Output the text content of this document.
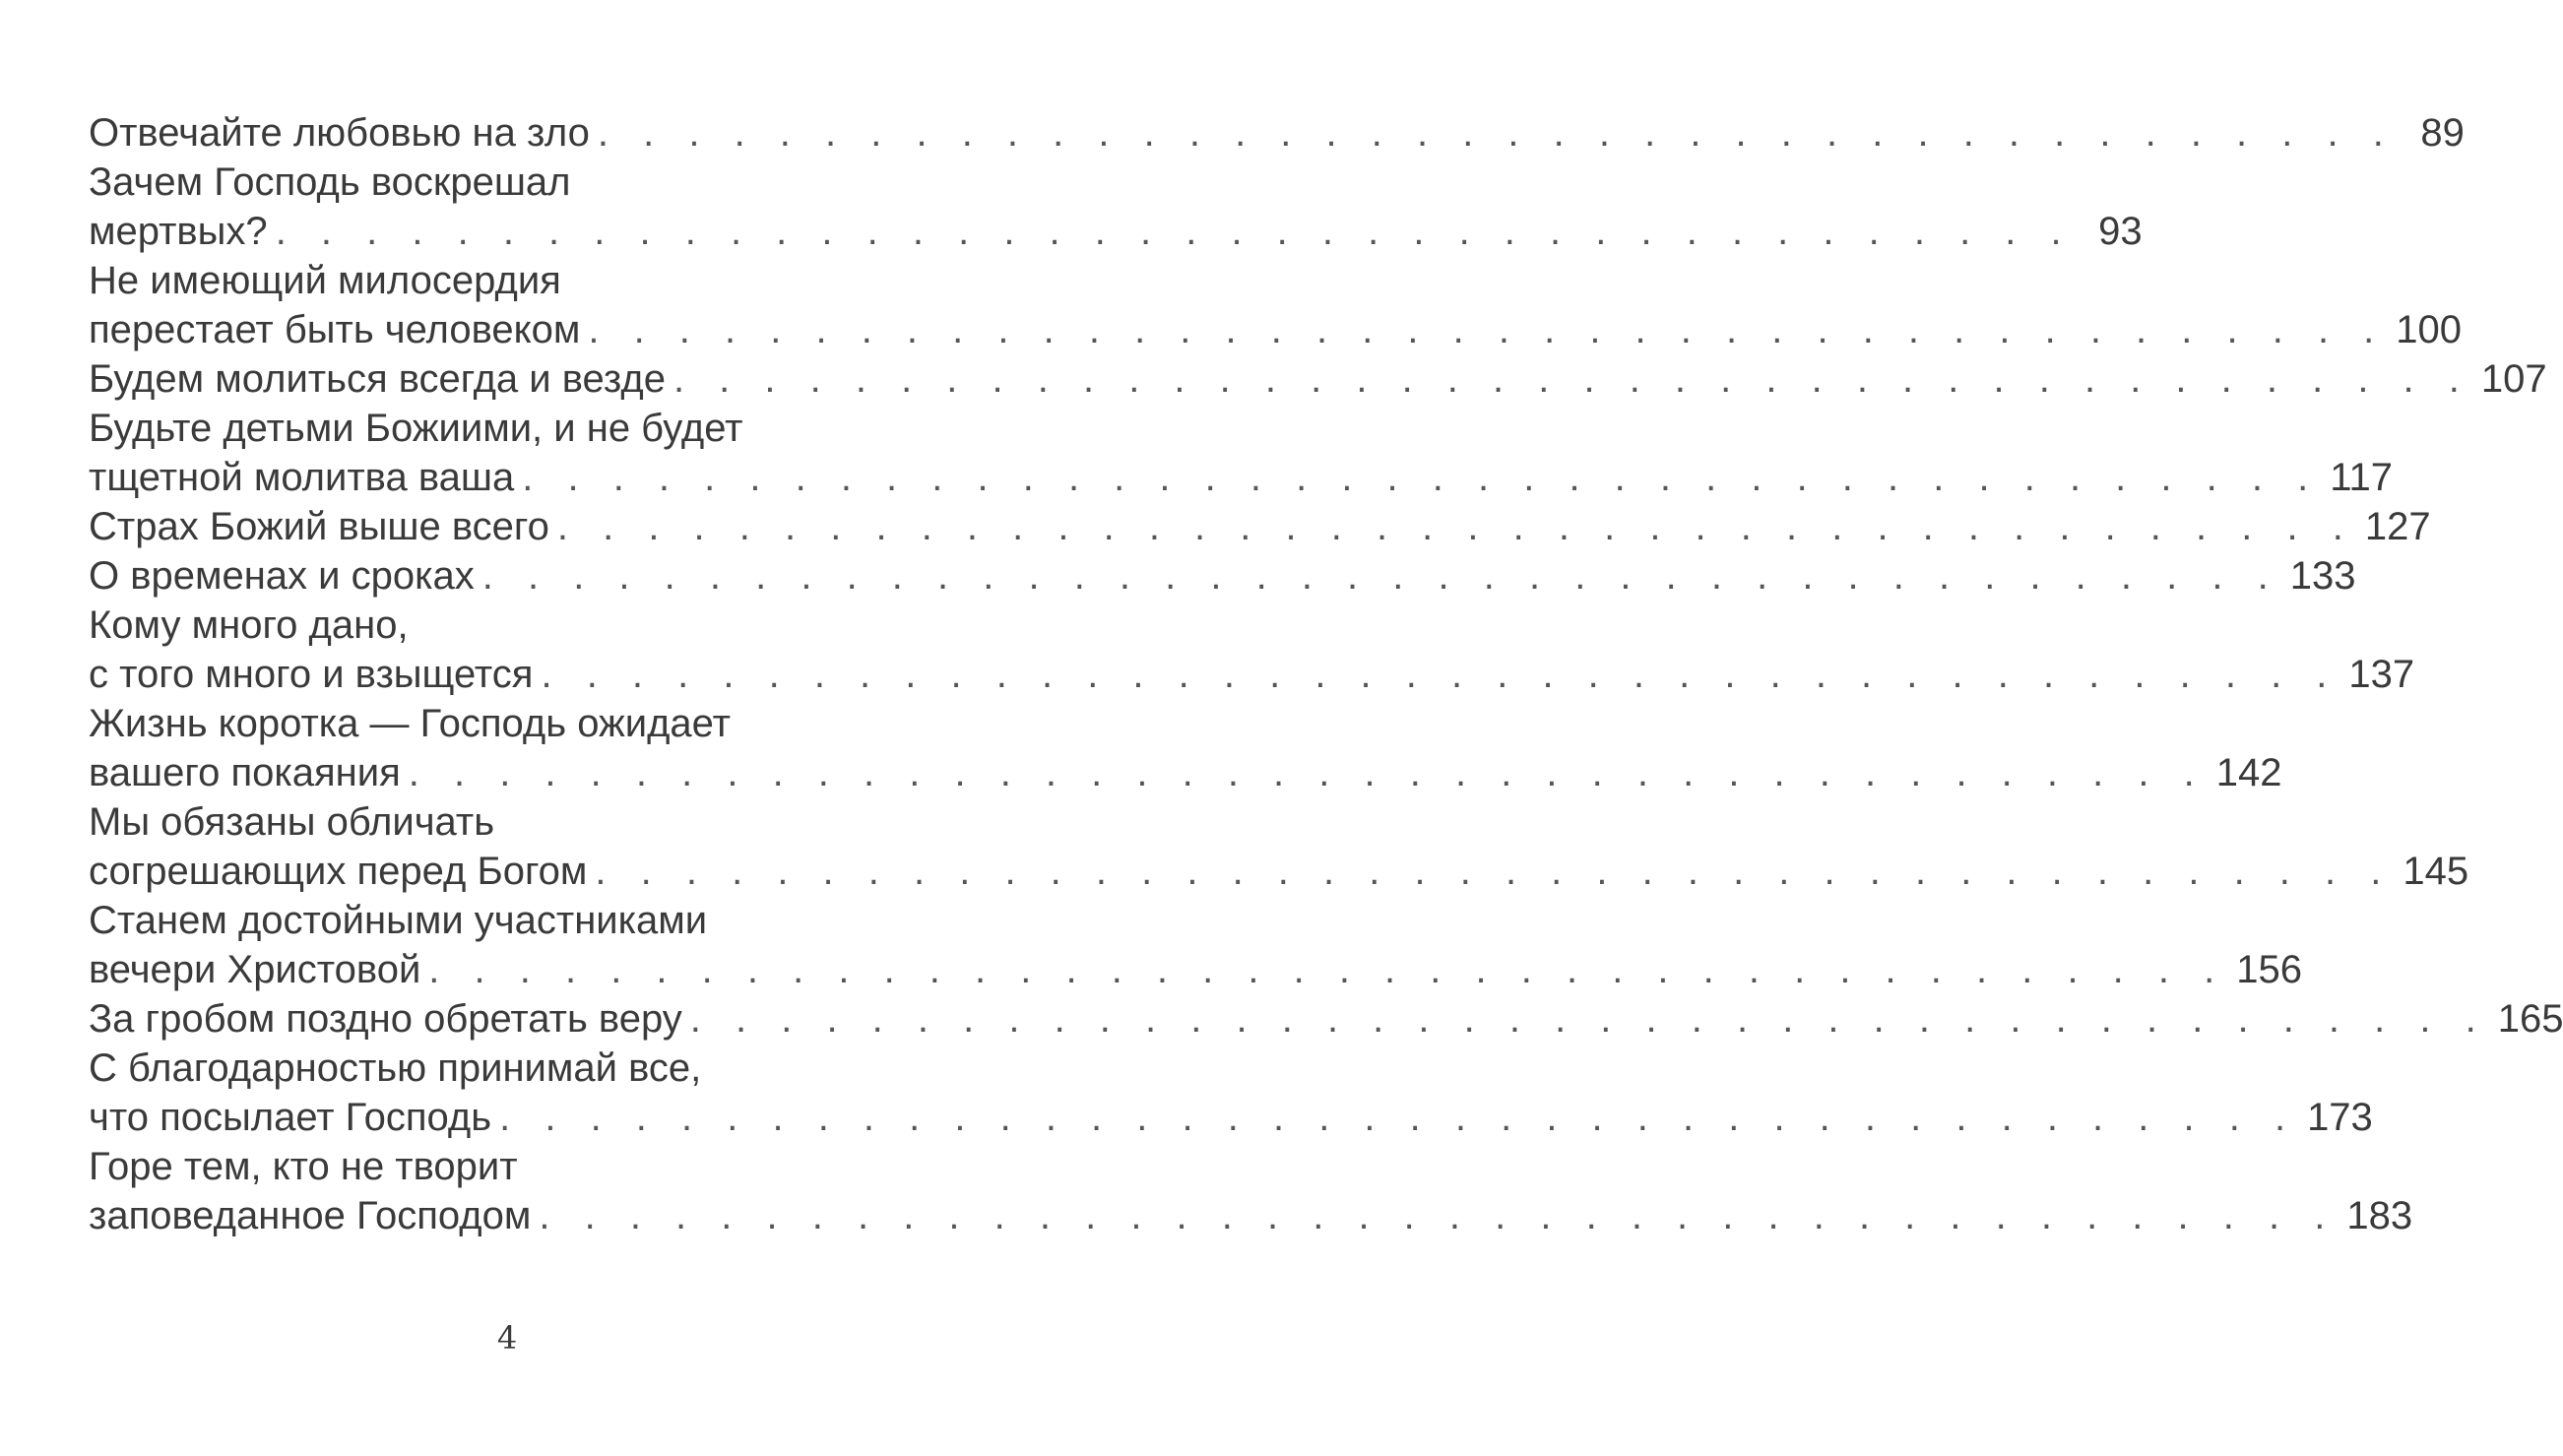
Отвечайте любовью на зло . . . . . . . . . . . . . . . . . . . . . . . . . . . . . . . . . . . . . . . . 89
Зачем Господь воскрешал
мертвых? . . . . . . . . . . . . . . . . . . . . . . . . . . . . . . . . . . . . . . . . 93
Не имеющий милосердия
перестает быть человеком . . . . . . . . . . . . . . . . . . . . . . . . . . . . . . . . . . . . . . . . 100
Будем молиться всегда и везде . . . . . . . . . . . . . . . . . . . . . . . . . . . . . . . . . . . . . . . . 107
Будьте детьми Божиими, и не будет
тщетной молитва ваша . . . . . . . . . . . . . . . . . . . . . . . . . . . . . . . . . . . . . . . . 117
Страх Божий выше всего . . . . . . . . . . . . . . . . . . . . . . . . . . . . . . . . . . . . . . . . 127
О временах и сроках . . . . . . . . . . . . . . . . . . . . . . . . . . . . . . . . . . . . . . . . 133
Кому много дано,
с того много и взыщется . . . . . . . . . . . . . . . . . . . . . . . . . . . . . . . . . . . . . . . . 137
Жизнь коротка — Господь ожидает
вашего покаяния . . . . . . . . . . . . . . . . . . . . . . . . . . . . . . . . . . . . . . . . 142
Мы обязаны обличать
согрешающих перед Богом . . . . . . . . . . . . . . . . . . . . . . . . . . . . . . . . . . . . . . . . 145
Станем достойными участниками
вечери Христовой . . . . . . . . . . . . . . . . . . . . . . . . . . . . . . . . . . . . . . . . 156
За гробом поздно обретать веру . . . . . . . . . . . . . . . . . . . . . . . . . . . . . . . . . . . . . . . . 165
С благодарностью принимай все,
что посылает Господь . . . . . . . . . . . . . . . . . . . . . . . . . . . . . . . . . . . . . . . . 173
Горе тем, кто не творит
заповеданное Господом . . . . . . . . . . . . . . . . . . . . . . . . . . . . . . . . . . . . . . . . 183
4
